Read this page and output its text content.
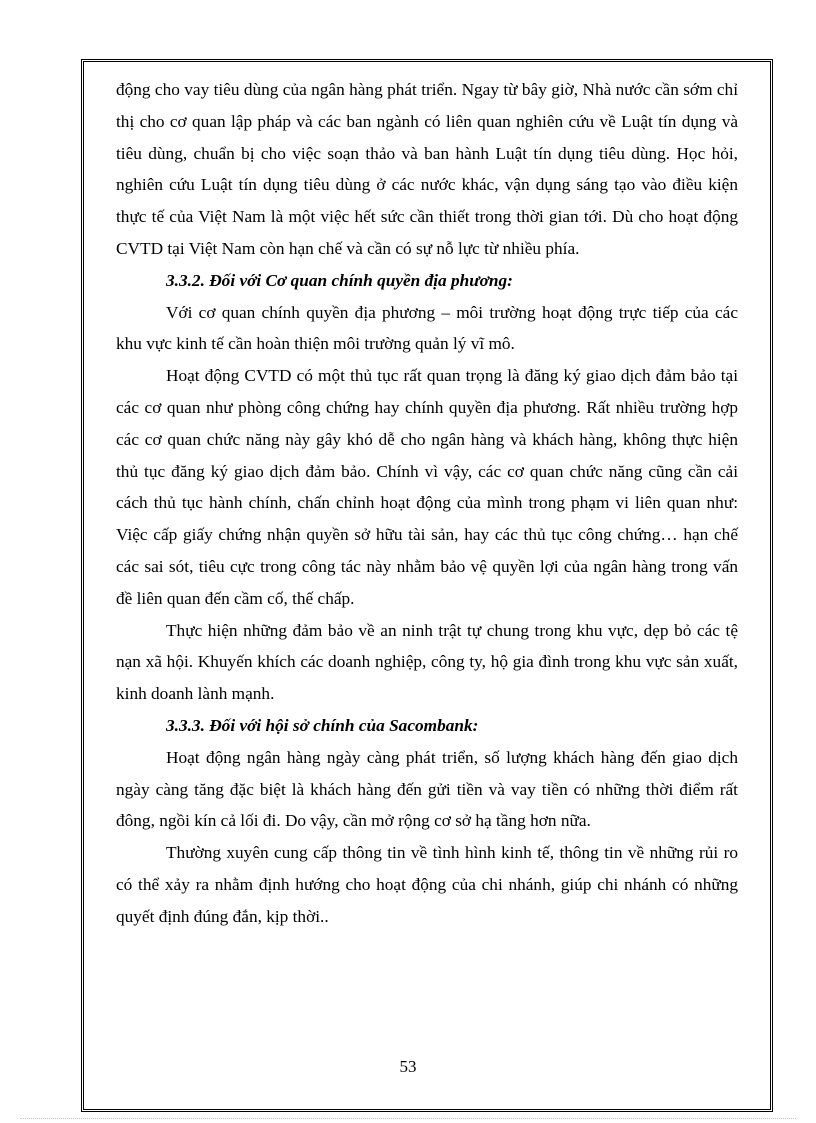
động cho vay tiêu dùng của ngân hàng phát triển. Ngay từ bây giờ, Nhà nước cần sớm chỉ thị cho cơ quan lập pháp và các ban ngành có liên quan nghiên cứu về Luật tín dụng và tiêu dùng, chuẩn bị cho việc soạn thảo và ban hành Luật tín dụng tiêu dùng. Học hỏi, nghiên cứu Luật tín dụng tiêu dùng ở các nước khác, vận dụng sáng tạo vào điều kiện thực tế của Việt Nam là một việc hết sức cần thiết trong thời gian tới. Dù cho hoạt động CVTD tại Việt Nam còn hạn chế và cần có sự nỗ lực từ nhiều phía.

3.3.2. Đối với Cơ quan chính quyền địa phương:

Với cơ quan chính quyền địa phương – môi trường hoạt động trực tiếp của các khu vực kinh tế cần hoàn thiện môi trường quản lý vĩ mô.

Hoạt động CVTD có một thủ tục rất quan trọng là đăng ký giao dịch đảm bảo tại các cơ quan như phòng công chứng hay chính quyền địa phương. Rất nhiều trường hợp các cơ quan chức năng này gây khó dễ cho ngân hàng và khách hàng, không thực hiện thủ tục đăng ký giao dịch đảm bảo. Chính vì vậy, các cơ quan chức năng cũng cần cải cách thủ tục hành chính, chấn chỉnh hoạt động của mình trong phạm vi liên quan như: Việc cấp giấy chứng nhận quyền sở hữu tài sản, hay các thủ tục công chứng… hạn chế các sai sót, tiêu cực trong công tác này nhằm bảo vệ quyền lợi của ngân hàng trong vấn đề liên quan đến cầm cố, thế chấp.

Thực hiện những đảm bảo về an ninh trật tự chung trong khu vực, dẹp bỏ các tệ nạn xã hội. Khuyến khích các doanh nghiệp, công ty, hộ gia đình trong khu vực sản xuất, kinh doanh lành mạnh.

3.3.3. Đối với hội sở chính của Sacombank:

Hoạt động ngân hàng ngày càng phát triển, số lượng khách hàng đến giao dịch ngày càng tăng đặc biệt là khách hàng đến gửi tiền và vay tiền có những thời điểm rất đông, ngồi kín cả lối đi. Do vậy, cần mở rộng cơ sở hạ tầng hơn nữa.

Thường xuyên cung cấp thông tin về tình hình kinh tế, thông tin về những rủi ro có thể xảy ra nhằm định hướng cho hoạt động của chi nhánh, giúp chi nhánh có những quyết định đúng đắn, kịp thời..

53
